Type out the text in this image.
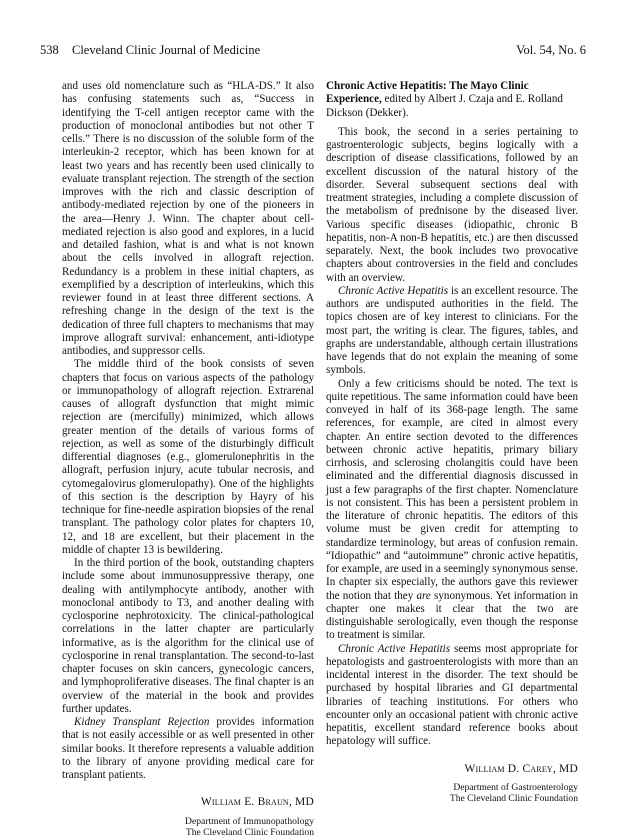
538 Cleveland Clinic Journal of Medicine	Vol. 54, No. 6

and uses old nomenclature such as “HLA-DS.” It also has confusing statements such as, “Success in identifying the T-cell antigen receptor came with the production of monoclonal antibodies but not other T cells.” There is no discussion of the soluble form of the interleukin-2 receptor, which has been known for at least two years and has recently been used clinically to evaluate transplant rejection. The strength of the section improves with the rich and classic description of antibody-mediated rejection by one of the pioneers in the area—Henry J. Winn. The chapter about cell-mediated rejection is also good and explores, in a lucid and detailed fashion, what is and what is not known about the cells involved in allograft rejection. Redundancy is a problem in these initial chapters, as exemplified by a description of interleukins, which this reviewer found in at least three different sections. A refreshing change in the design of the text is the dedication of three full chapters to mechanisms that may improve allograft survival: enhancement, anti-idiotype antibodies, and suppressor cells.

The middle third of the book consists of seven chapters that focus on various aspects of the pathology or immunopathology of allograft rejection. Extrarenal causes of allograft dysfunction that might mimic rejection are (mercifully) minimized, which allows greater mention of the details of various forms of rejection, as well as some of the disturbingly difficult differential diagnoses (e.g., glomerulonephritis in the allograft, perfusion injury, acute tubular necrosis, and cytomegalovirus glomerulopathy). One of the highlights of this section is the description by Hayry of his technique for fine-needle aspiration biopsies of the renal transplant. The pathology color plates for chapters 10, 12, and 18 are excellent, but their placement in the middle of chapter 13 is bewildering.

In the third portion of the book, outstanding chapters include some about immunosuppressive therapy, one dealing with antilymphocyte antibody, another with monoclonal antibody to T3, and another dealing with cyclosporine nephrotoxicity. The clinical-pathological correlations in the latter chapter are particularly informative, as is the algorithm for the clinical use of cyclosporine in renal transplantation. The second-to-last chapter focuses on skin cancers, gynecologic cancers, and lymphoproliferative diseases. The final chapter is an overview of the material in the book and provides further updates.

Kidney Transplant Rejection provides information that is not easily accessible or as well presented in other similar books. It therefore represents a valuable addition to the library of anyone providing medical care for transplant patients.

William E. Braun, MD
Department of Immunopathology
The Cleveland Clinic Foundation

Chronic Active Hepatitis: The Mayo Clinic Experience, edited by Albert J. Czaja and E. Rolland Dickson (Dekker).

This book, the second in a series pertaining to gastroenterologic subjects, begins logically with a description of disease classifications, followed by an excellent discussion of the natural history of the disorder. Several subsequent sections deal with treatment strategies, including a complete discussion of the metabolism of prednisone by the diseased liver. Various specific diseases (idiopathic, chronic B hepatitis, non-A non-B hepatitis, etc.) are then discussed separately. Next, the book includes two provocative chapters about controversies in the field and concludes with an overview.

Chronic Active Hepatitis is an excellent resource. The authors are undisputed authorities in the field. The topics chosen are of key interest to clinicians. For the most part, the writing is clear. The figures, tables, and graphs are understandable, although certain illustrations have legends that do not explain the meaning of some symbols.

Only a few criticisms should be noted. The text is quite repetitious. The same information could have been conveyed in half of its 368-page length. The same references, for example, are cited in almost every chapter. An entire section devoted to the differences between chronic active hepatitis, primary biliary cirrhosis, and sclerosing cholangitis could have been eliminated and the differential diagnosis discussed in just a few paragraphs of the first chapter. Nomenclature is not consistent. This has been a persistent problem in the literature of chronic hepatitis. The editors of this volume must be given credit for attempting to standardize terminology, but areas of confusion remain. “Idiopathic” and “autoimmune” chronic active hepatitis, for example, are used in a seemingly synonymous sense. In chapter six especially, the authors gave this reviewer the notion that they are synonymous. Yet information in chapter one makes it clear that the two are distinguishable serologically, even though the response to treatment is similar.

Chronic Active Hepatitis seems most appropriate for hepatologists and gastroenterologists with more than an incidental interest in the disorder. The text should be purchased by hospital libraries and GI departmental libraries of teaching institutions. For others who encounter only an occasional patient with chronic active hepatitis, excellent standard reference books about hepatology will suffice.

William D. Carey, MD
Department of Gastroenterology
The Cleveland Clinic Foundation
